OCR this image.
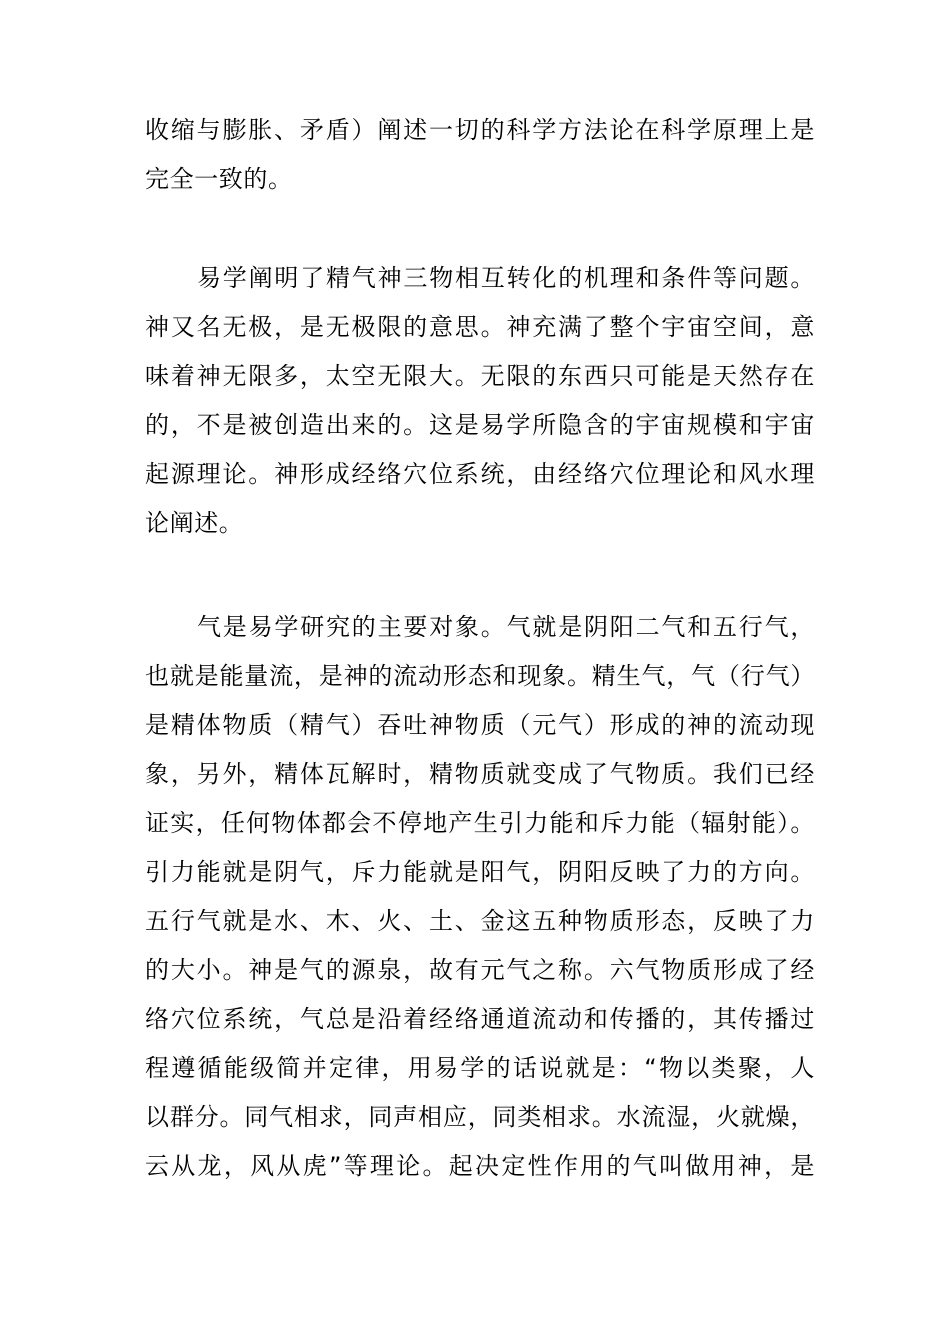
收缩与膨胀、矛盾）阐述一切的科学方法论在科学原理上是
完全一致的。
易学阐明了精气神三物相互转化的机理和条件等问题。
神又名无极，是无极限的意思。神充满了整个宇宙空间，意
味着神无限多，太空无限大。无限的东西只可能是天然存在
的，不是被创造出来的。这是易学所隐含的宇宙规模和宇宙
起源理论。神形成经络穴位系统，由经络穴位理论和风水理
论阐述。
气是易学研究的主要对象。气就是阴阳二气和五行气，
也就是能量流，是神的流动形态和现象。精生气，气（行气）
是精体物质（精气）吞吐神物质（元气）形成的神的流动现
象，另外，精体瓦解时，精物质就变成了气物质。我们已经
证实，任何物体都会不停地产生引力能和斥力能（辐射能）。
引力能就是阴气，斥力能就是阳气，阴阳反映了力的方向。
五行气就是水、木、火、土、金这五种物质形态，反映了力
的大小。神是气的源泉，故有元气之称。六气物质形成了经
络穴位系统，气总是沿着经络通道流动和传播的，其传播过
程遵循能级简并定律，用易学的话说就是：“物以类聚，人
以群分。同气相求，同声相应，同类相求。水流湿，火就燥，
云从龙，风从虎”等理论。起决定性作用的气叫做用神，是
